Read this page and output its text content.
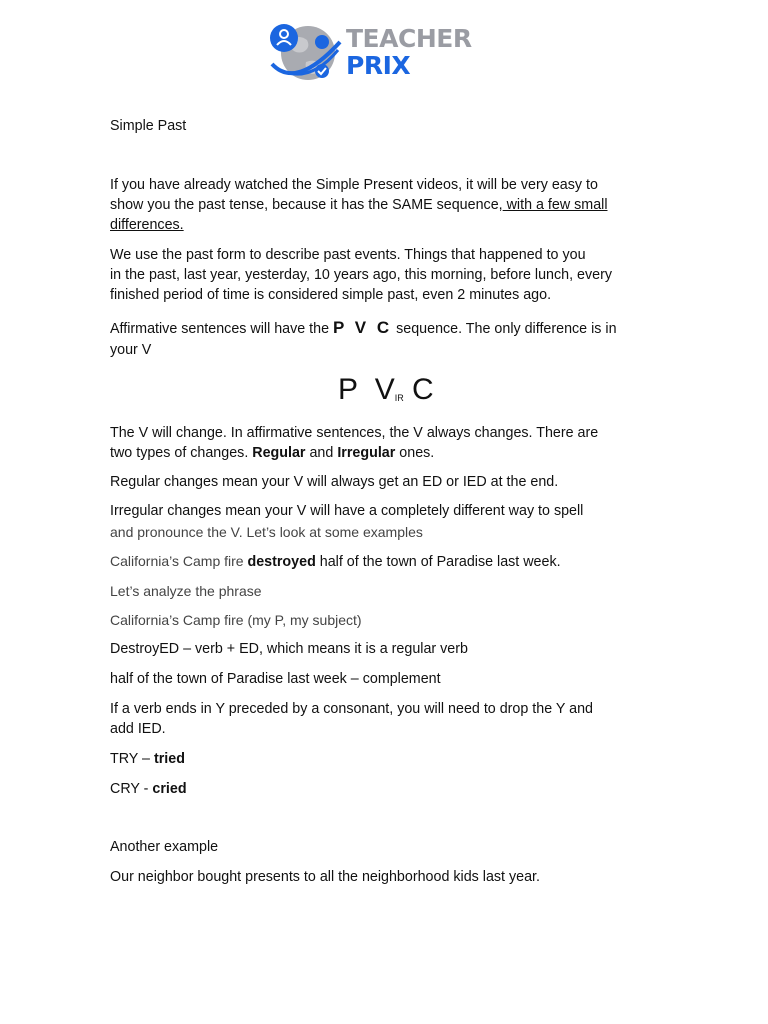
TEACHER
PRIX

Simple Past

If you have already watched the Simple Present videos, it will be very easy to

show you the past tense, because it has the SAME sequence, with a few small

differences.

We use the past form to describe past events. Things that happened to you

in the past, last year, yesterday, 10 years ago, this morning, before lunch, every

finished period of time is considered simple past, even 2 minutes ago.

Affirmative sentences will have the P V C sequence. The only difference is in

your V

P $V_{IR}$ C

The V will change. In affirmative sentences, the V always changes. There are

two types of changes. Regular and Irregular ones.

Regular changes mean your V will always get an ED or IED at the end.

Irregular changes mean your V will have a completely different way to spell

and pronounce the V. Let’s look at some examples

California’s Camp fire destroyed half of the town of Paradise last week.

Let’s analyze the phrase

California’s Camp fire (my P, my subject)

DestroyED – verb + ED, which means it is a regular verb

half of the town of Paradise last week – complement

If a verb ends in Y preceded by a consonant, you will need to drop the Y and

add IED.

TRY – tried

CRY - cried

Another example

Our neighbor bought presents to all the neighborhood kids last year.
